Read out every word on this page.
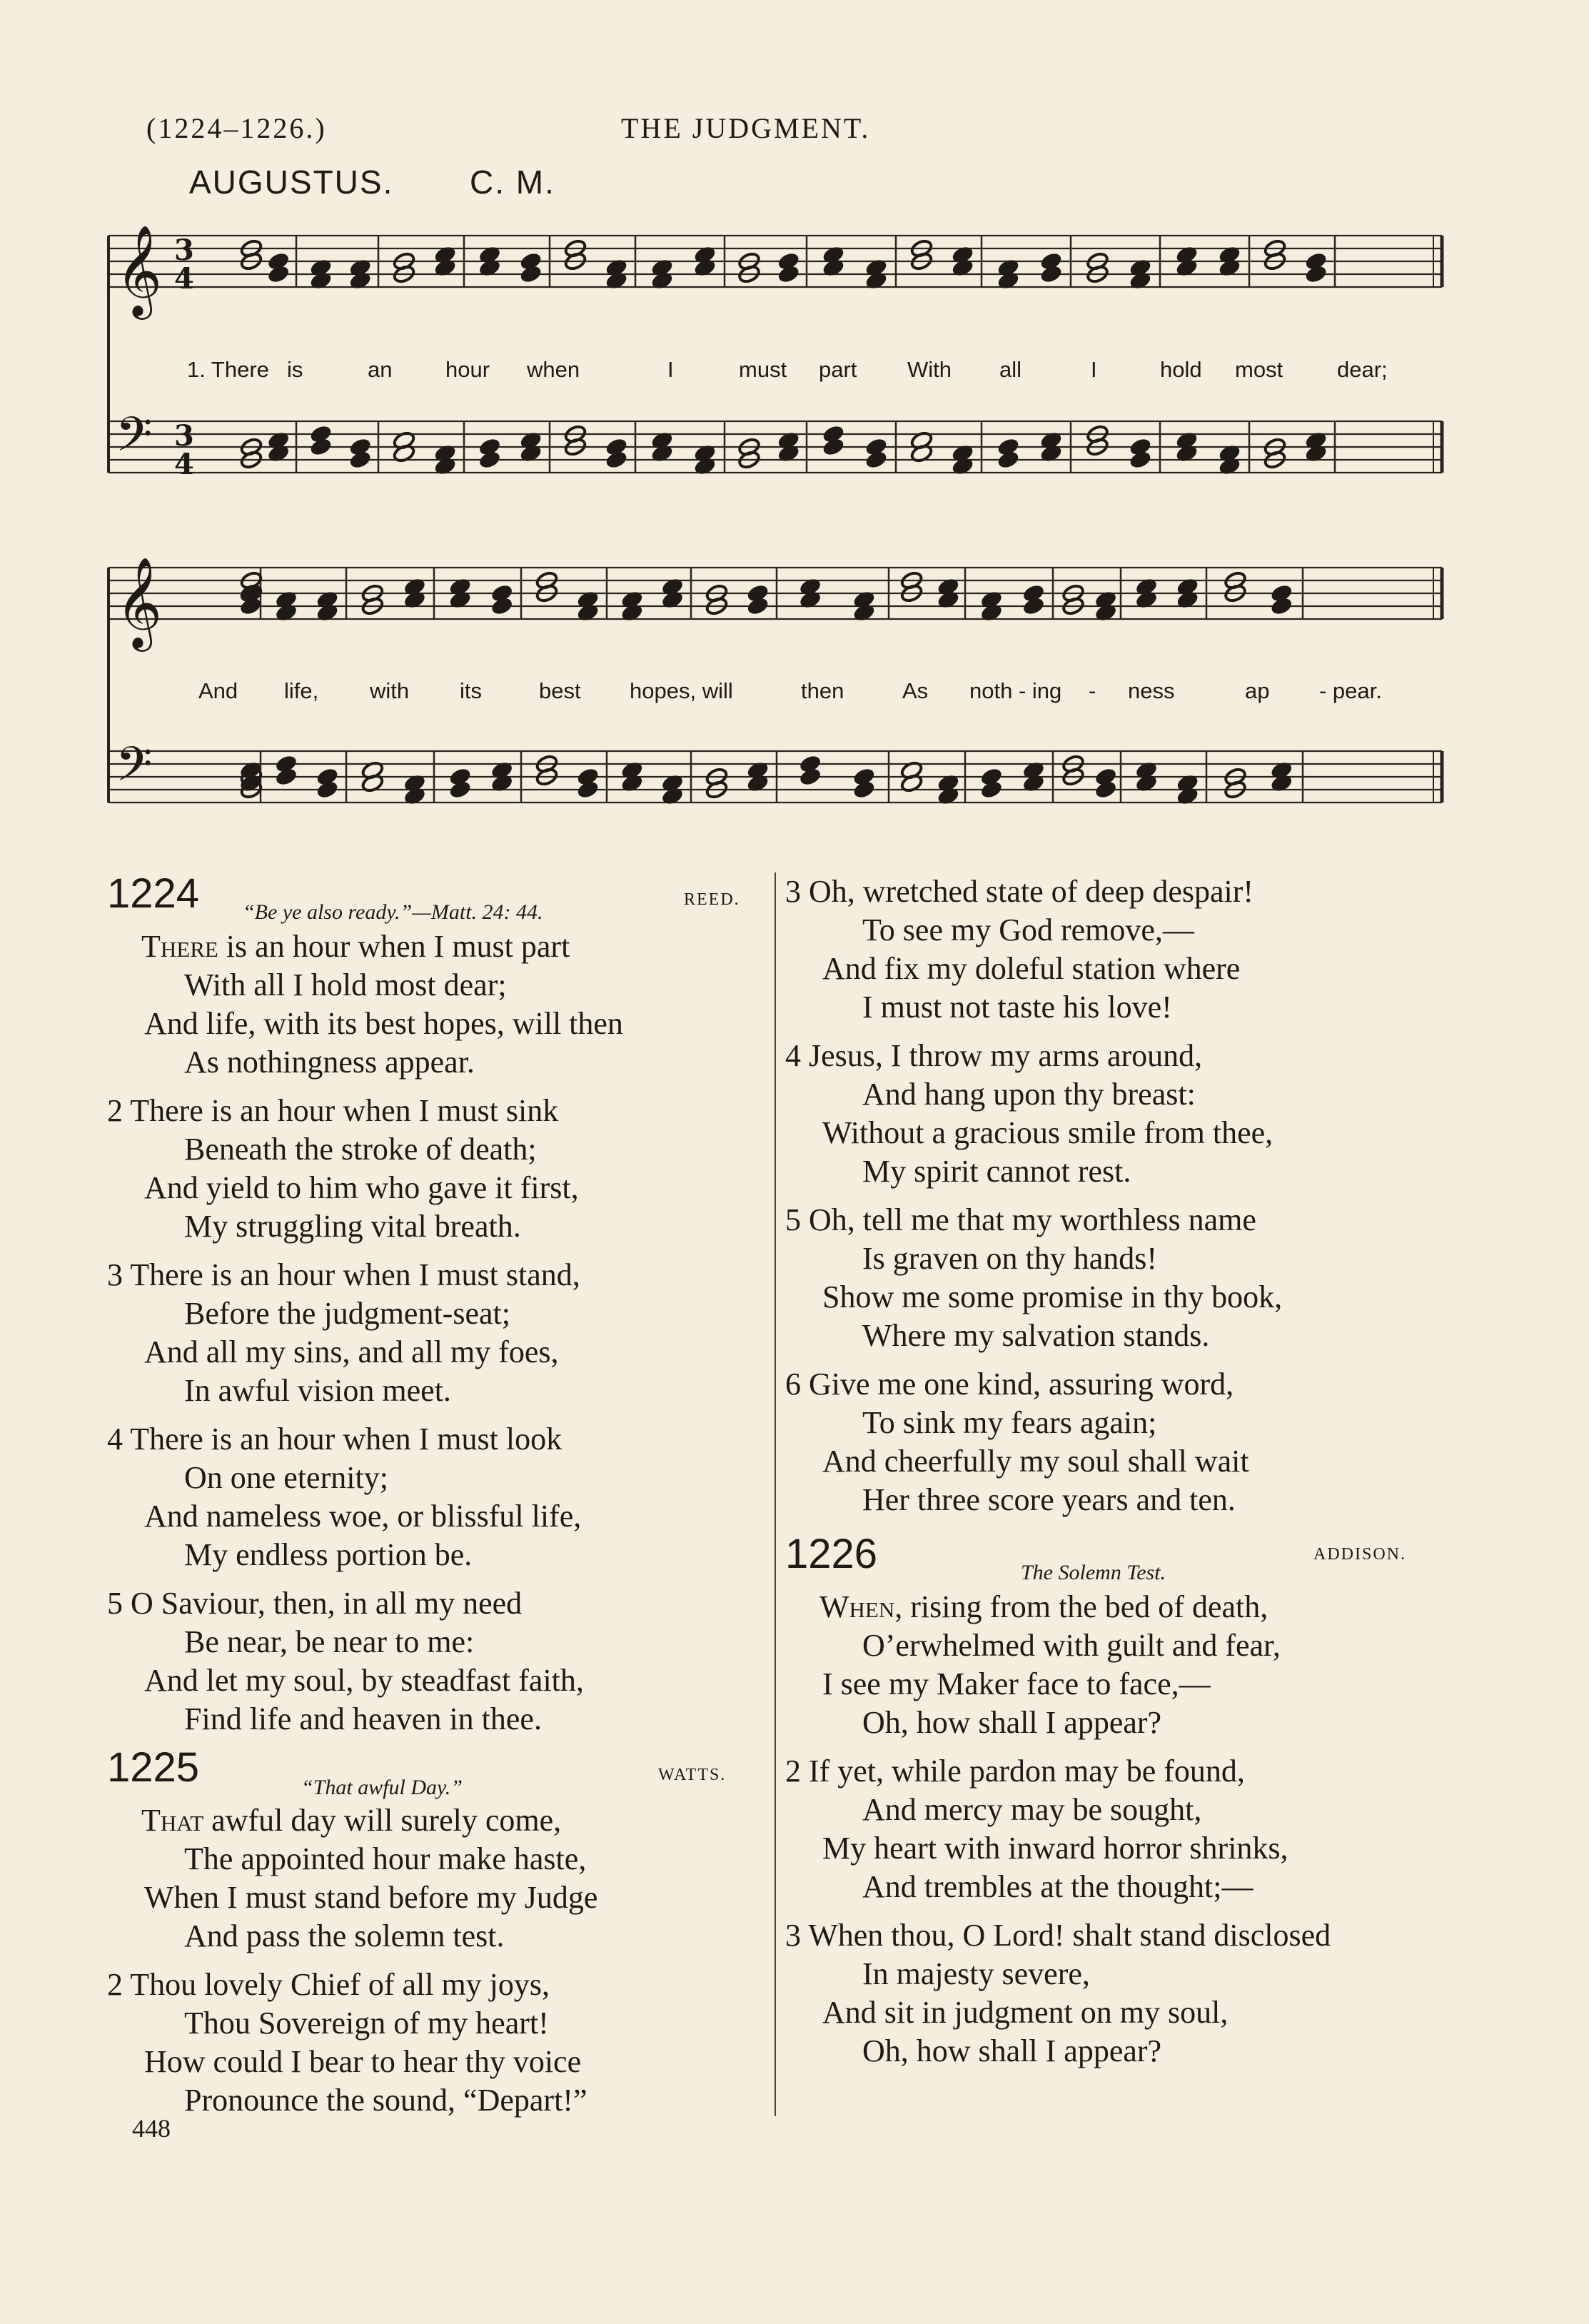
(1224–1226.)	THE JUDGMENT.
AUGUSTUS. C. M.
𝄞
𝄢
3
4
3
4
𝄞
𝄢
1. There is	an hour when	I	must part With all	I	hold most dear;
And life, with its	best hopes, will	then	As noth - ing - ness	ap - pear.
1224 “Be ye also ready.”—Matt. 24: 44.
REED.
There is an hour when I must part
With all I hold most dear;
And life, with its best hopes, will then
As nothingness appear.
2 There is an hour when I must sink
Beneath the stroke of death;
And yield to him who gave it first,
My struggling vital breath.
3 There is an hour when I must stand,
Before the judgment-seat;
And all my sins, and all my foes,
In awful vision meet.
4 There is an hour when I must look
On one eternity;
And nameless woe, or blissful life,
My endless portion be.
5 O Saviour, then, in all my need
Be near, be near to me:
And let my soul, by steadfast faith,
Find life and heaven in thee.
1225	“That awful Day.”
WATTS.
That awful day will surely come,
The appointed hour make haste,
When I must stand before my Judge
And pass the solemn test.
2 Thou lovely Chief of all my joys,
Thou Sovereign of my heart!
How could I bear to hear thy voice
Pronounce the sound, “Depart!”
448
3 Oh, wretched state of deep despair!
To see my God remove,—
And fix my doleful station where
I must not taste his love!
4 Jesus, I throw my arms around,
And hang upon thy breast:
Without a gracious smile from thee,
My spirit cannot rest.
5 Oh, tell me that my worthless name
Is graven on thy hands!
Show me some promise in thy book,
Where my salvation stands.
6 Give me one kind, assuring word,
To sink my fears again;
And cheerfully my soul shall wait
Her three score years and ten.
1226	The Solemn Test.
ADDISON.
When, rising from the bed of death,
O’erwhelmed with guilt and fear,
I see my Maker face to face,—
Oh, how shall I appear?
2 If yet, while pardon may be found,
And mercy may be sought,
My heart with inward horror shrinks,
And trembles at the thought;—
3 When thou, O Lord! shalt stand disclosed
In majesty severe,
And sit in judgment on my soul,
Oh, how shall I appear?
